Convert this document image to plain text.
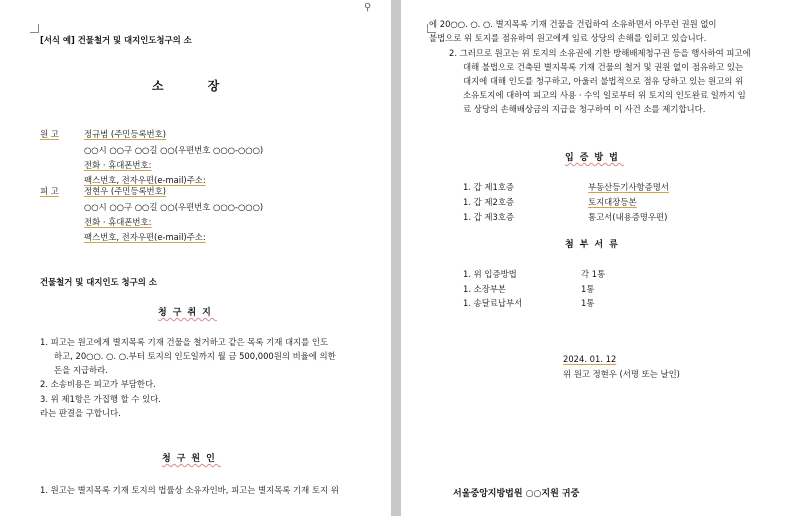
⚲
[서식 예] 건물철거 및 대지인도청구의 소
소장
원 고	정규범 (주민등록번호)
○○시 ○○구 ○○길 ○○(우편번호 ○○○-○○○)
전화 · 휴대폰번호:
팩스번호, 전자우편(e-mail)주소:
피 고	정현우 (주민등록번호)
○○시 ○○구 ○○길 ○○(우편번호 ○○○-○○○)
전화 · 휴대폰번호:
팩스번호, 전자우편(e-mail)주소:
건물철거 및 대지인도 청구의 소
청구취지
1. 피고는 원고에게 별지목록 기재 건물을 철거하고 같은 목록 기재 대지를 인도
하고, 20○○. ○. ○.부터 토지의 인도일까지 월 금 500,000원의 비율에 의한
돈을 지급하라.
2. 소송비용은 피고가 부담한다.
3. 위 제1항은 가집행 할 수 있다.
라는 판결을 구합니다.
청구원인
1. 원고는 별지목록 기재 토지의 법률상 소유자인바, 피고는 별지목록 기재 토지 위
에 20○○. ○. ○. 별지목록 기재 건물을 건립하여 소유하면서 아무런 권원 없이
불법으로 위 토지를 점유하여 원고에게 임료 상당의 손해를 입히고 있습니다.
2. 그러므로 원고는 위 토지의 소유권에 기한 방해배제청구권 등을 행사하여 피고에
대해 불법으로 건축된 별지목록 기재 건물의 철거 및 권원 없이 점유하고 있는
대지에 대해 인도를 청구하고, 아울러 불법적으로 점유 당하고 있는 원고의 위
소유토지에 대하여 피고의 사용 · 수익 일로부터 위 토지의 인도완료 일까지 임
료 상당의 손해배상금의 지급을 청구하여 이 사건 소를 제기합니다.
입증방법
1. 갑 제1호증	부동산등기사항증명서
1. 갑 제2호증	토지대장등본
1. 갑 제3호증	통고서(내용증명우편)
첨부서류
1. 위 입증방법	각 1통
1. 소장부본	1통
1. 송달료납부서	1통
2024. 01. 12
위 원고 정현우 (서명 또는 날인)
서울중앙지방법원 ○○지원 귀중
